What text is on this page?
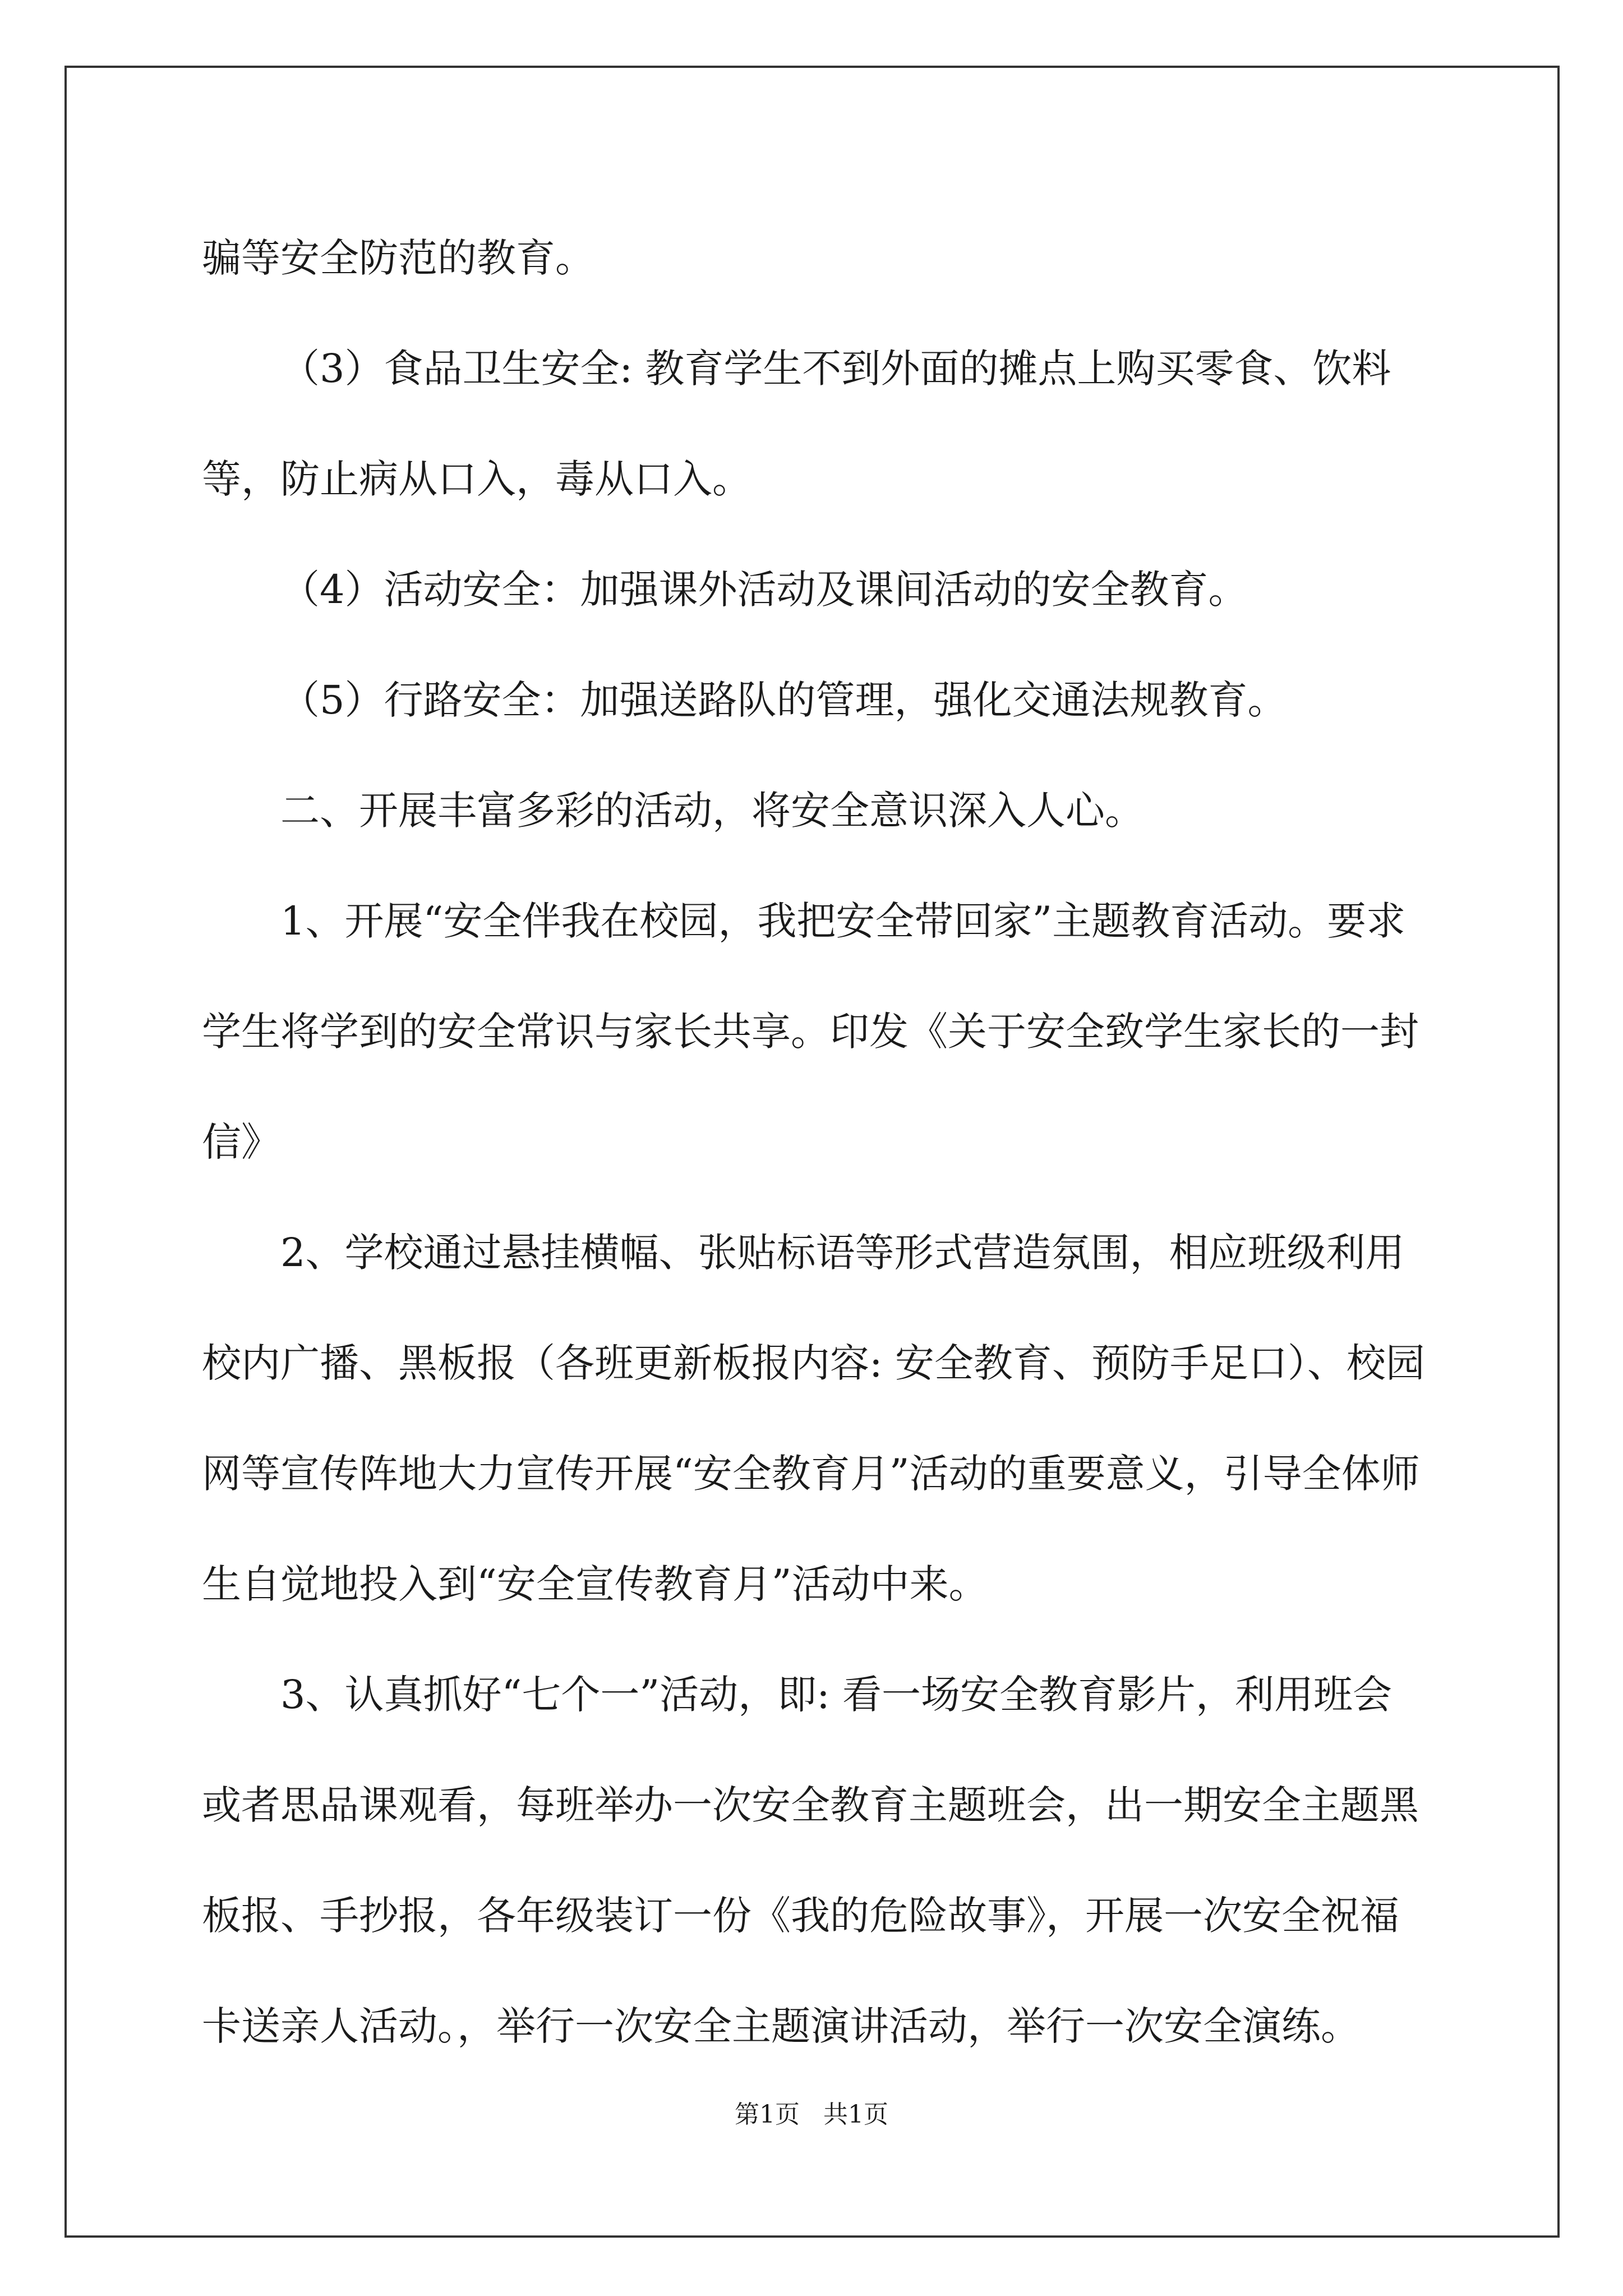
骗等安全防范的教育。

（3）食品卫生安全: 教育学生不到外面的摊点上购买零食、饮料等，防止病从口入，毒从口入。

（4）活动安全：加强课外活动及课间活动的安全教育。

（5）行路安全：加强送路队的管理，强化交通法规教育。

二、开展丰富多彩的活动，将安全意识深入人心。

1、开展“安全伴我在校园，我把安全带回家”主题教育活动。要求学生将学到的安全常识与家长共享。印发《关于安全致学生家长的一封信》

2、学校通过悬挂横幅、张贴标语等形式营造氛围，相应班级利用校内广播、黑板报（各班更新板报内容: 安全教育、预防手足口）、校园网等宣传阵地大力宣传开展“安全教育月”活动的重要意义，引导全体师生自觉地投入到“安全宣传教育月”活动中来。

3、认真抓好“七个一”活动，即: 看一场安全教育影片，利用班会或者思品课观看，每班举办一次安全教育主题班会，出一期安全主题黑板报、手抄报，各年级装订一份《我的危险故事》，开展一次安全祝福卡送亲人活动。，举行一次安全主题演讲活动，举行一次安全演练。

第1页 共1页
